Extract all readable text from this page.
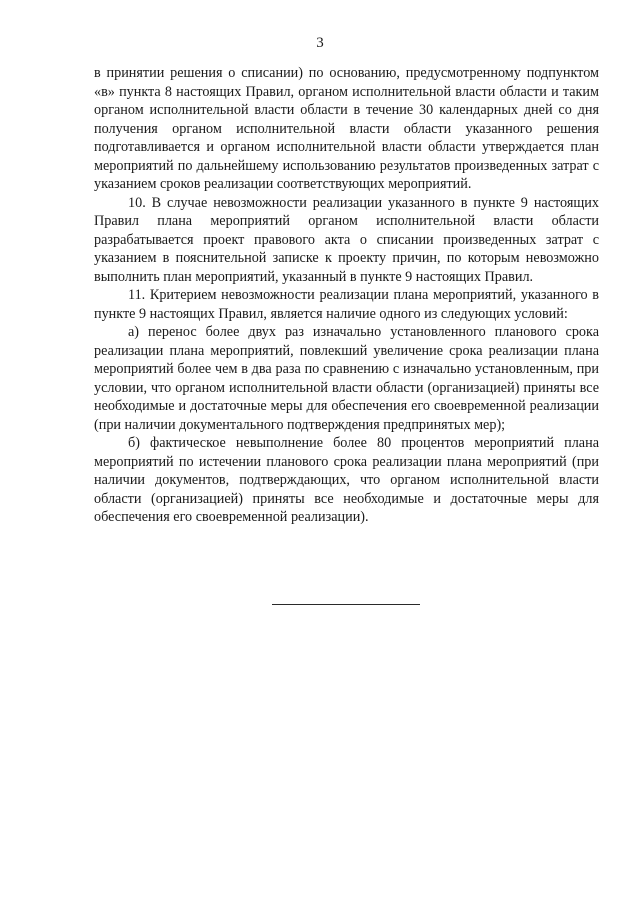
3

в принятии решения о списании) по основанию, предусмотренному подпунктом «в» пункта 8 настоящих Правил, органом исполнительной власти области и таким органом исполнительной власти области в течение 30 календарных дней со дня получения органом исполнительной власти области указанного решения подготавливается и органом исполнительной власти области утверждается план мероприятий по дальнейшему использованию результатов произведенных затрат с указанием сроков реализации соответствующих мероприятий.

10. В случае невозможности реализации указанного в пункте 9 настоящих Правил плана мероприятий органом исполнительной власти области разрабатывается проект правового акта о списании произведенных затрат с указанием в пояснительной записке к проекту причин, по которым невозможно выполнить план мероприятий, указанный в пункте 9 настоящих Правил.

11. Критерием невозможности реализации плана мероприятий, указанного в пункте 9 настоящих Правил, является наличие одного из следующих условий:

а) перенос более двух раз изначально установленного планового срока реализации плана мероприятий, повлекший увеличение срока реализации плана мероприятий более чем в два раза по сравнению с изначально установленным, при условии, что органом исполнительной власти области (организацией) приняты все необходимые и достаточные меры для обеспечения его своевременной реализации (при наличии документального подтверждения предпринятых мер);

б) фактическое невыполнение более 80 процентов мероприятий плана мероприятий по истечении планового срока реализации плана мероприятий (при наличии документов, подтверждающих, что органом исполнительной власти области (организацией) приняты все необходимые и достаточные меры для обеспечения его своевременной реализации).
